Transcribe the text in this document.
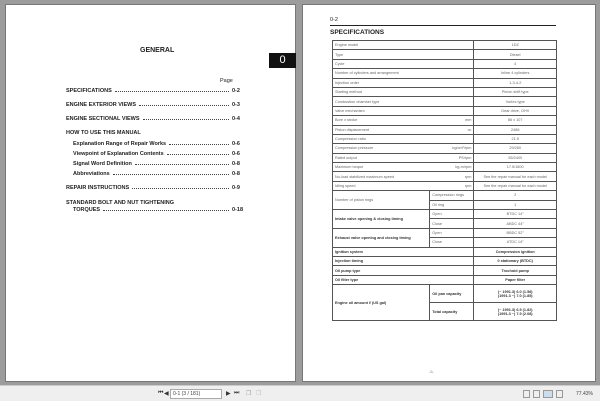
GENERAL
0
Page
SPECIFICATIONS	0-2
ENGINE EXTERIOR VIEWS	0-3
ENGINE SECTIONAL VIEWS	0-4
HOW TO USE THIS MANUAL
Explanation Range of Repair Works	0-6
Viewpoint of Explanation Contents	0-6
Signal Word Definition	0-8
Abbreviations	0-8
REPAIR INSTRUCTIONS	0-9
STANDARD BOLT AND NUT TIGHTENING
TORQUES	0-18
0-2
SPECIFICATIONS
Engine model		1DZ
Type		Diesel
Cycle		4
Number of cylinders and arrangement		Inline 4 cylinders
Injection order		1-3-4-2
Starting method		Pinion shift type
Combustion chamber type		Vortex type
Valve mechanism		Gear drive, OHV
Bore x stroke	mm	86 x 107
Piston displacement	cc	2486
Compression ratio		21.5
Compression pressure	kg/cm²/rpm	29/260
Rated output	PS/rpm	55/2400
Maximum torque	kg-m/rpm	17.5/1600
No-load stabilized maximum speed	rpm	See the repair manual for each model
Idling speed	rpm	See the repair manual for each model
Number of piston rings	Compression rings	2
	Oil ring	1
Intake valve opening & closing timing	Open	BTDC 14°
	Close	ABDC 44°
Exhaust valve opening and closing timing	Open	BBDC 52°
	Close	ATDC 14°
Ignition system		Compression ignition
Injection timing		0 stationary (BTDC)
Oil pump type		Trochoid pump
Oil filter type		Paper filter
Engine oil amount ℓ (US gal)	Oil pan capacity	(~ 1991.3) 6.0 (1.58)
(1991.3 ~) 7.0 (1.85)

	Total capacity	(~ 1991.3) 6.9 (1.82)
(1991.3 ~) 7.9 (2.08)
-6-
⏮ ◀ 0-1 (3 / 181)	▶ ⏭ ❐ ❐	77.43%
